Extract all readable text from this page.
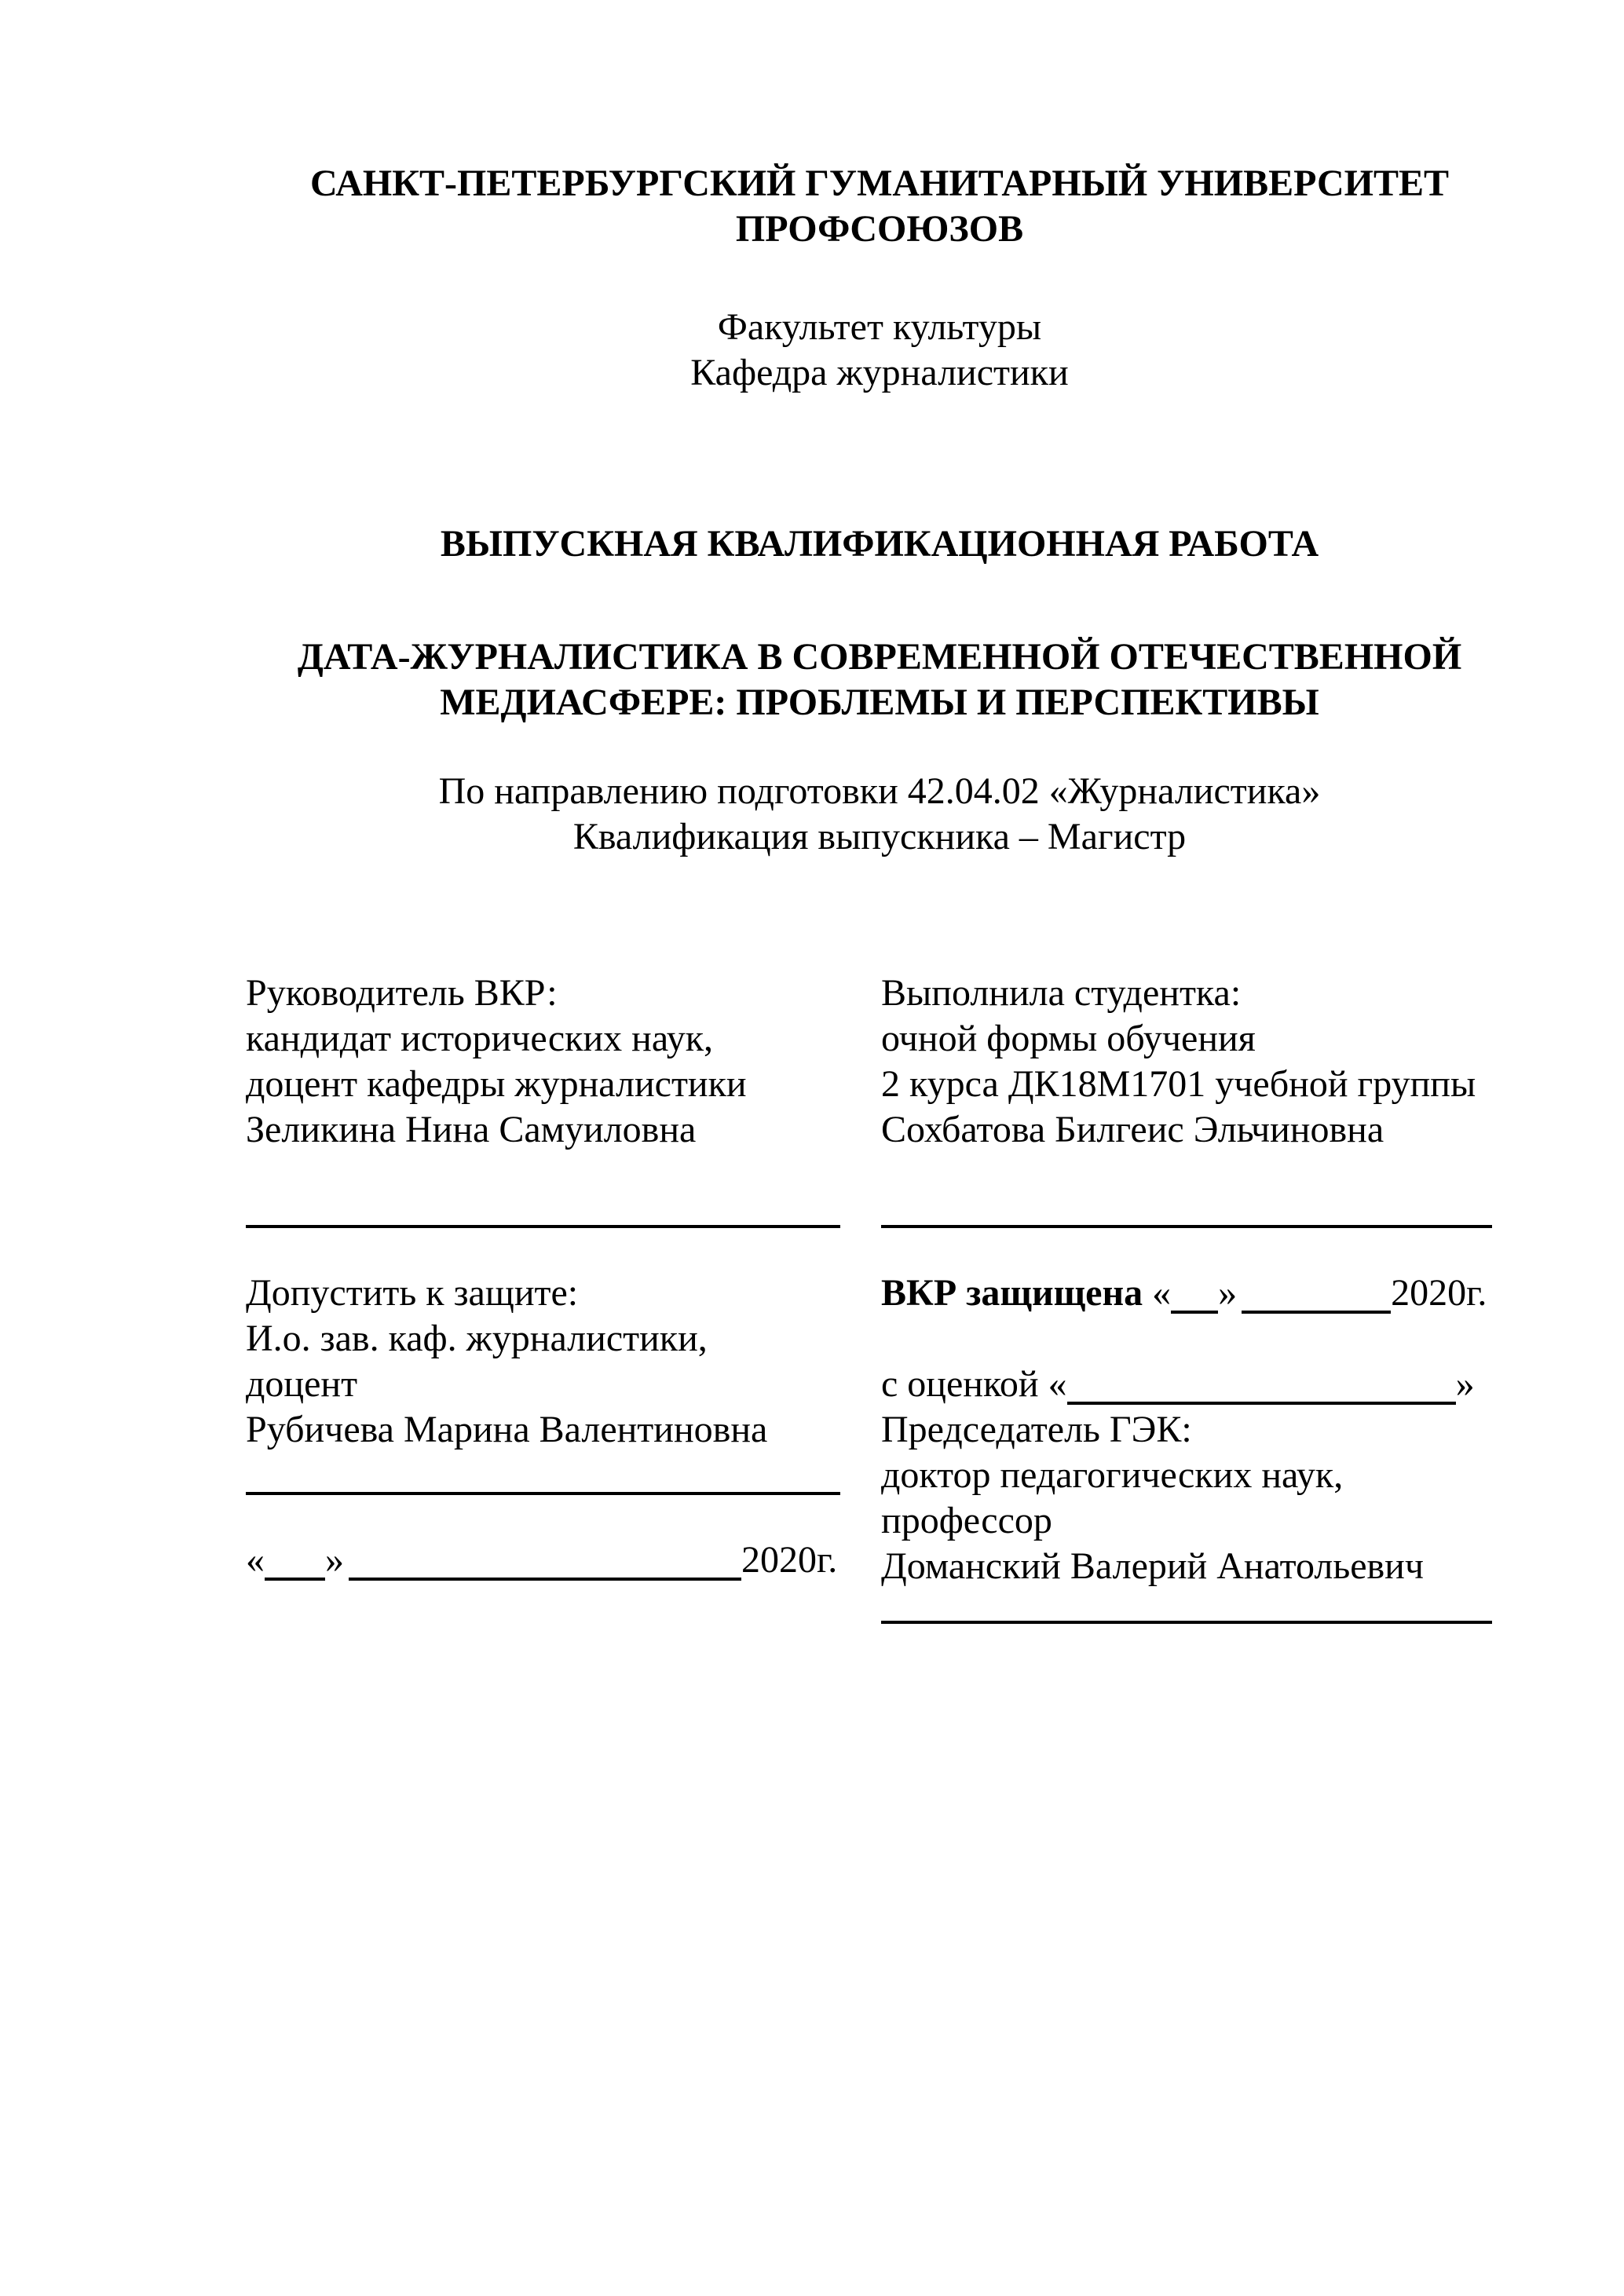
САНКТ-ПЕТЕРБУРГСКИЙ ГУМАНИТАРНЫЙ УНИВЕРСИТЕТ
ПРОФСОЮЗОВ
Факультет культуры
Кафедра журналистики
ВЫПУСКНАЯ КВАЛИФИКАЦИОННАЯ РАБОТА
ДАТА-ЖУРНАЛИСТИКА В СОВРЕМЕННОЙ ОТЕЧЕСТВЕННОЙ
МЕДИАСФЕРЕ: ПРОБЛЕМЫ И ПЕРСПЕКТИВЫ
По направлению подготовки 42.04.02 «Журналистика»
Квалификация выпускника – Магистр
Руководитель ВКР:
кандидат исторических наук,
доцент кафедры журналистики
Зеликина Нина Самуиловна
Выполнила студентка:
очной формы обучения
2 курса ДК18М1701 учебной группы
Сохбатова Билгеис Эльчиновна
Допустить к защите:
И.о. зав. каф. журналистики,
доцент
Рубичева Марина Валентиновна
« »	2020г.
ВКР защищена « »	2020г.
с оценкой «	»
Председатель ГЭК:
доктор педагогических наук,
профессор
Доманский Валерий Анатольевич
